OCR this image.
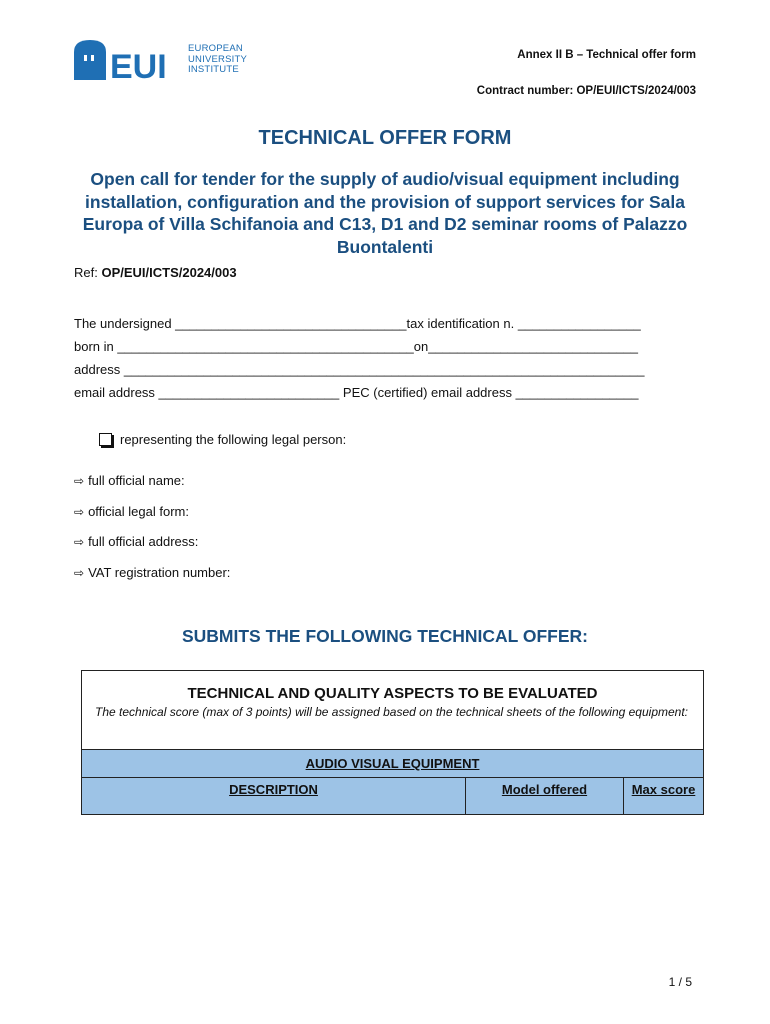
EUI EUROPEAN
UNIVERSITY
INSTITUTE
Annex II B – Technical offer form
Contract number: OP/EUI/ICTS/2024/003
TECHNICAL OFFER FORM
Open call for tender for the supply of audio/visual equipment including installation, configuration and the provision of support services for Sala Europa of Villa Schifanoia and C13, D1 and D2 seminar rooms of Palazzo Buontalenti
Ref: OP/EUI/ICTS/2024/003
The undersigned ________________________________tax identification n. _________________
born in _________________________________________on_____________________________
address ________________________________________________________________________
email address _________________________ PEC (certified) email address _________________
representing the following legal person:
⇨ full official name:
⇨ official legal form:
⇨ full official address:
⇨ VAT registration number:
SUBMITS THE FOLLOWING TECHNICAL OFFER:
TECHNICAL AND QUALITY ASPECTS TO BE EVALUATED
The technical score (max of 3 points) will be assigned based on the technical sheets of the following equipment:
AUDIO VISUAL EQUIPMENT
DESCRIPTION	Model offered	Max score
1 / 5
